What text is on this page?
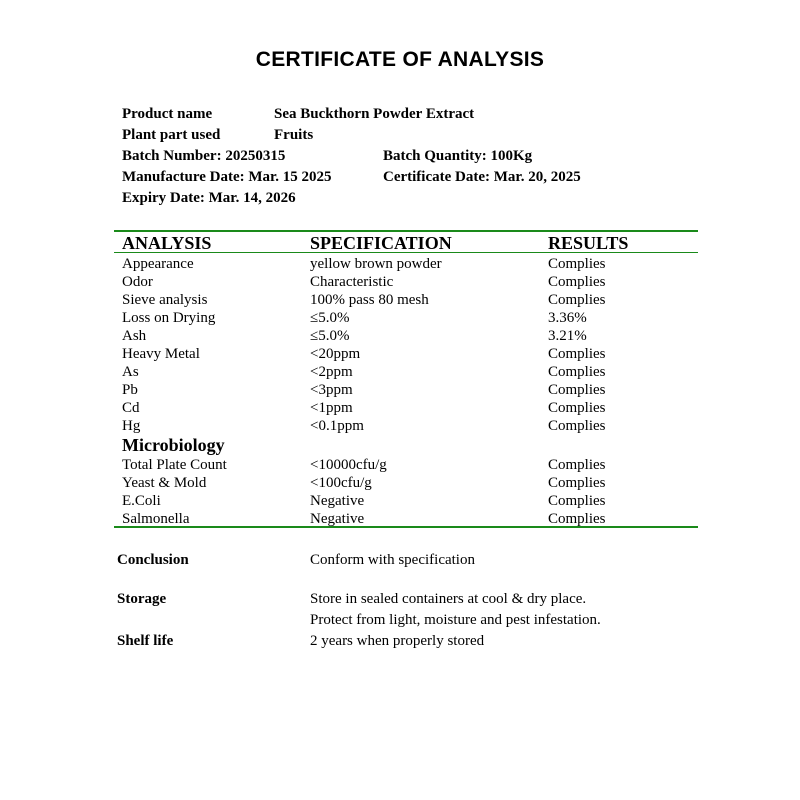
CERTIFICATE OF ANALYSIS
Product name	Sea Buckthorn Powder Extract
Plant part used	Fruits
Batch Number: 20250315	Batch Quantity: 100Kg
Manufacture Date: Mar. 15 2025	Certificate Date: Mar. 20, 2025
Expiry Date: Mar. 14, 2026
ANALYSIS	SPECIFICATION	RESULTS
Appearance	yellow brown powder	Complies
Odor	Characteristic	Complies
Sieve analysis	100% pass 80 mesh	Complies
Loss on Drying	≤5.0%	3.36%
Ash	≤5.0%	3.21%
Heavy Metal	<20ppm	Complies
As	<2ppm	Complies
Pb	<3ppm	Complies
Cd	<1ppm	Complies
Hg	<0.1ppm	Complies
Microbiology
Total Plate Count	<10000cfu/g	Complies
Yeast & Mold	<100cfu/g	Complies
E.Coli	Negative	Complies
Salmonella	Negative	Complies
Conclusion	Conform with specification
Storage	Store in sealed containers at cool & dry place.
Protect from light, moisture and pest infestation.
Shelf life	2 years when properly stored
